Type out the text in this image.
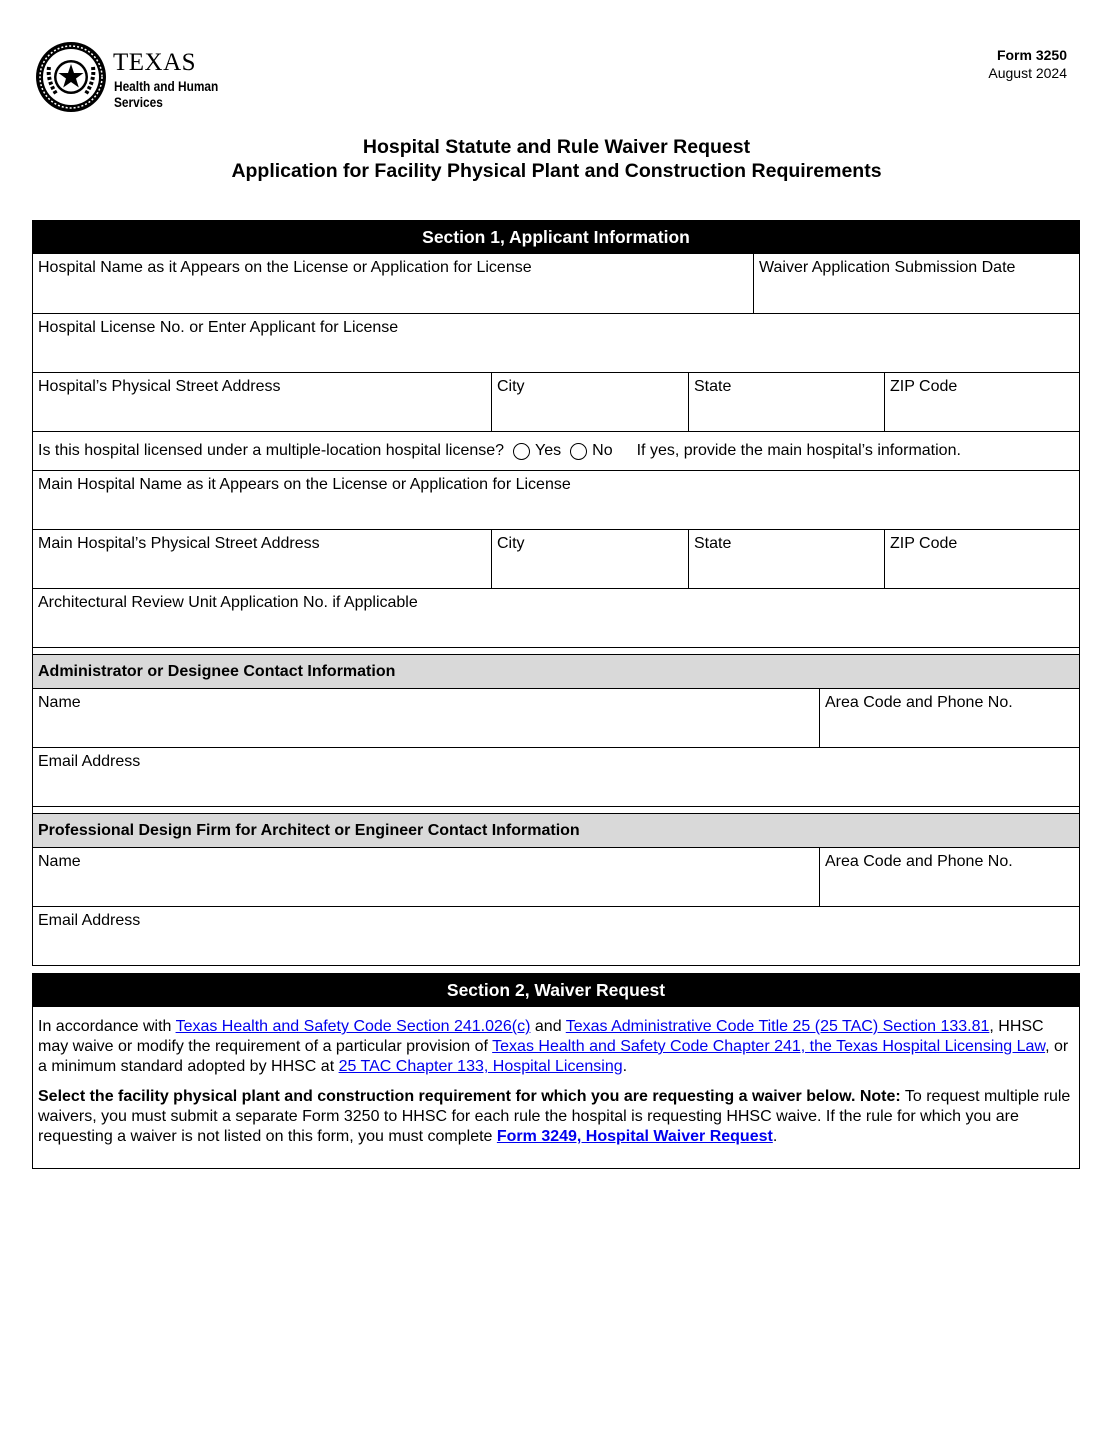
TEXAS
Health and Human
Services
Form 3250
August 2024
Hospital Statute and Rule Waiver Request
Application for Facility Physical Plant and Construction Requirements
Section 1, Applicant Information
Hospital Name as it Appears on the License or Application for License	Waiver Application Submission Date
Hospital License No. or Enter Applicant for License
Hospital’s Physical Street Address	City	State	ZIP Code
Is this hospital licensed under a multiple-location hospital license? Yes No If yes, provide the main hospital’s information.
Main Hospital Name as it Appears on the License or Application for License
Main Hospital’s Physical Street Address	City	State	ZIP Code
Architectural Review Unit Application No. if Applicable
Administrator or Designee Contact Information
Name	Area Code and Phone No.
Email Address
Professional Design Firm for Architect or Engineer Contact Information
Name	Area Code and Phone No.
Email Address
Section 2, Waiver Request

In accordance with Texas Health and Safety Code Section 241.026(c) and Texas Administrative Code Title 25 (25 TAC) Section 133.81, HHSC may waive or modify the requirement of a particular provision of Texas Health and Safety Code Chapter 241, the Texas Hospital Licensing Law, or a minimum standard adopted by HHSC at 25 TAC Chapter 133, Hospital Licensing.

Select the facility physical plant and construction requirement for which you are requesting a waiver below. Note: To request multiple rule waivers, you must submit a separate Form 3250 to HHSC for each rule the hospital is requesting HHSC waive. If the rule for which you are requesting a waiver is not listed on this form, you must complete Form 3249, Hospital Waiver Request.
